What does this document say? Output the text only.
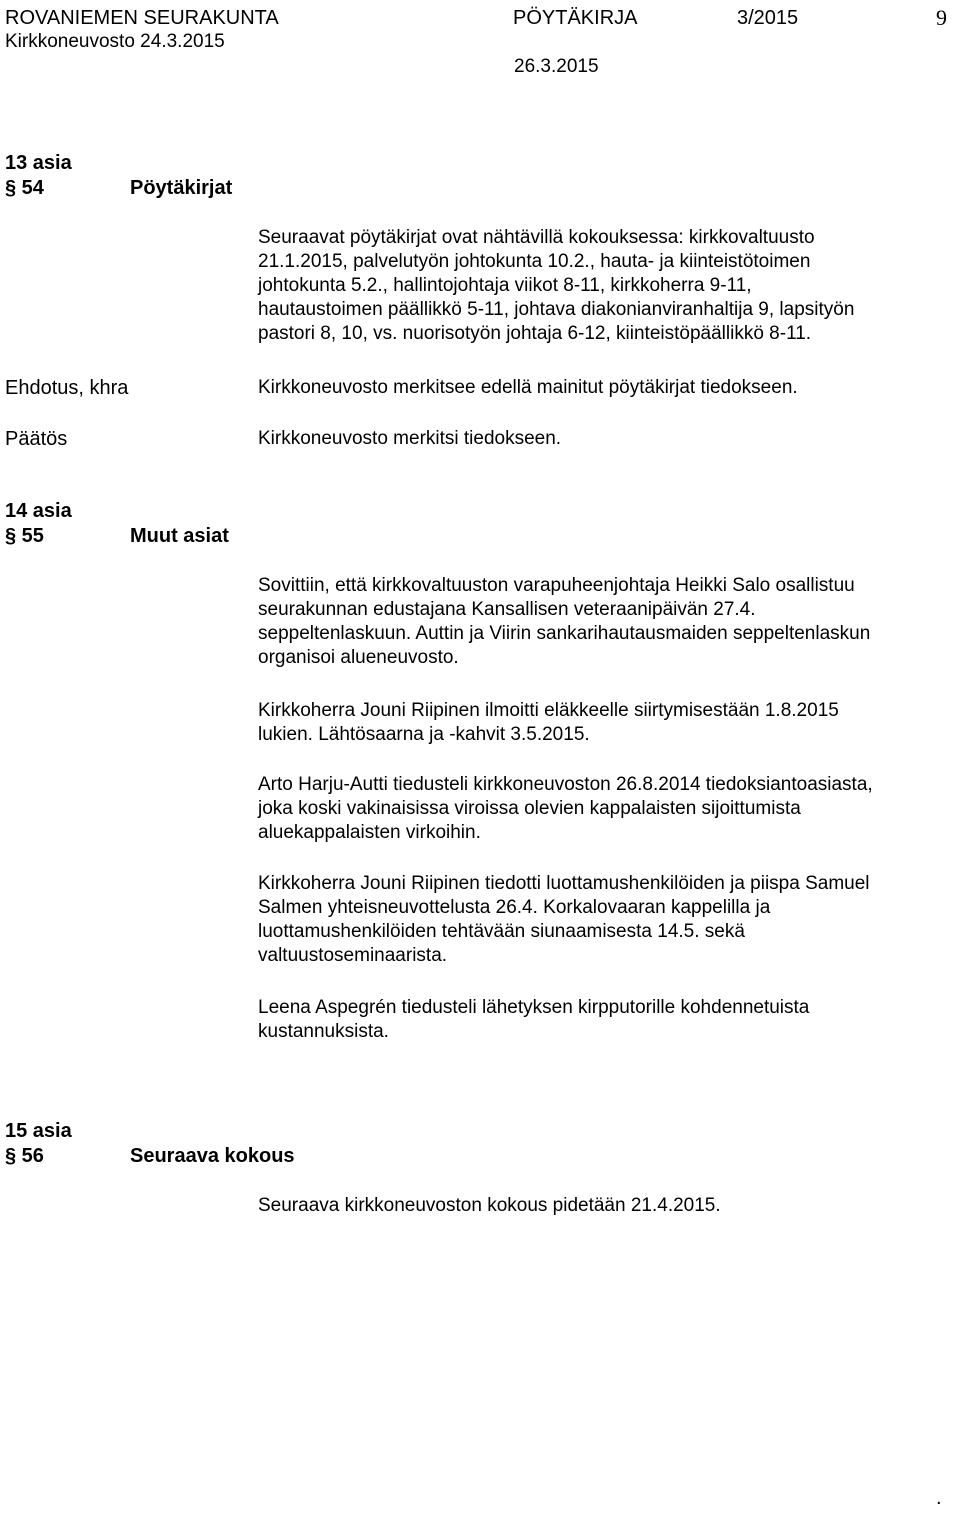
ROVANIEMEN SEURAKUNTA	PÖYTÄKIRJA	3/2015	9
Kirkkoneuvosto 24.3.2015
26.3.2015
13 asia
§ 54	Pöytäkirjat
Seuraavat pöytäkirjat ovat nähtävillä kokouksessa: kirkkovaltuusto
21.1.2015, palvelutyön johtokunta 10.2., hauta- ja kiinteistötoimen
johtokunta 5.2., hallintojohtaja viikot 8-11, kirkkoherra 9-11,
hautaustoimen päällikkö 5-11, johtava diakonianviranhaltija 9, lapsityön
pastori 8, 10, vs. nuorisotyön johtaja 6-12, kiinteistöpäällikkö 8-11.
Ehdotus, khra	Kirkkoneuvosto merkitsee edellä mainitut pöytäkirjat tiedokseen.
Päätös	Kirkkoneuvosto merkitsi tiedokseen.
14 asia
§ 55	Muut asiat
Sovittiin, että kirkkovaltuuston varapuheenjohtaja Heikki Salo osallistuu
seurakunnan edustajana Kansallisen veteraanipäivän 27.4.
seppeltenlaskuun. Auttin ja Viirin sankarihautausmaiden seppeltenlaskun
organisoi alueneuvosto.
Kirkkoherra Jouni Riipinen ilmoitti eläkkeelle siirtymisestään 1.8.2015
lukien. Lähtösaarna ja -kahvit 3.5.2015.
Arto Harju-Autti tiedusteli kirkkoneuvoston 26.8.2014 tiedoksiantoasiasta,
joka koski vakinaisissa viroissa olevien kappalaisten sijoittumista
aluekappalaisten virkoihin.
Kirkkoherra Jouni Riipinen tiedotti luottamushenkilöiden ja piispa Samuel
Salmen yhteisneuvottelusta 26.4. Korkalovaaran kappelilla ja
luottamushenkilöiden tehtävään siunaamisesta 14.5. sekä
valtuustoseminaarista.
Leena Aspegrén tiedusteli lähetyksen kirpputorille kohdennetuista
kustannuksista.
15 asia
§ 56	Seuraava kokous
Seuraava kirkkoneuvoston kokous pidetään 21.4.2015.
.
